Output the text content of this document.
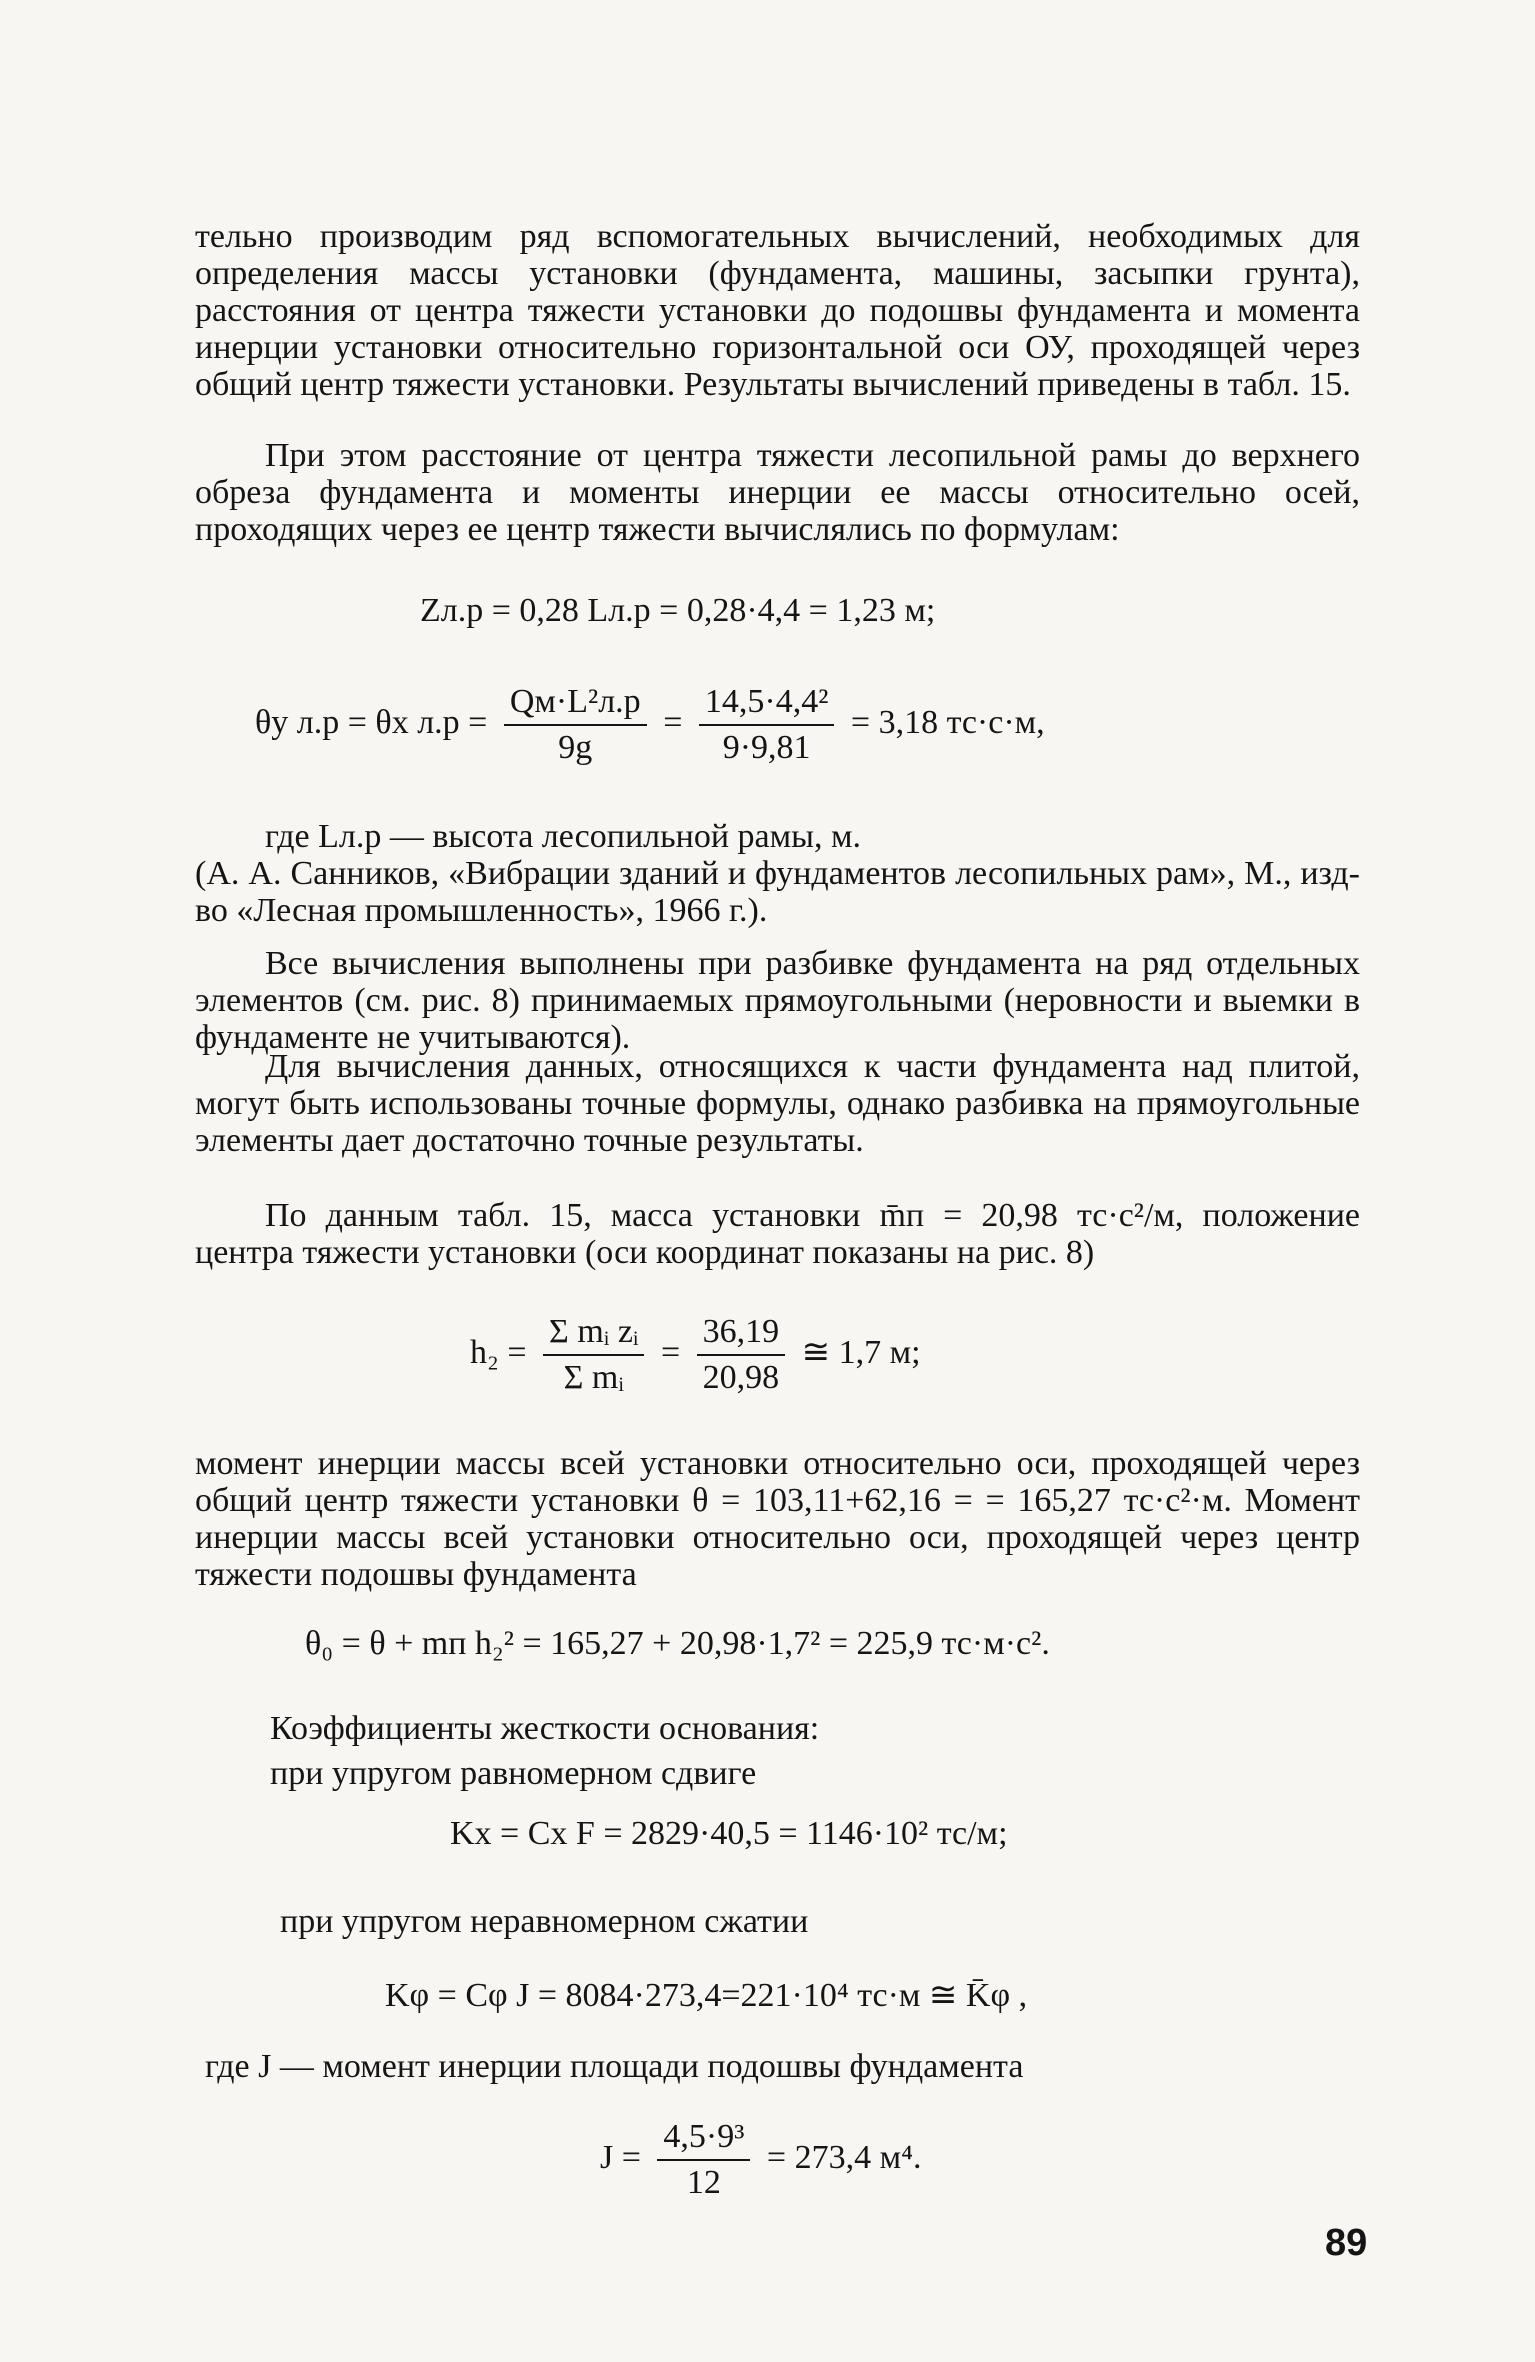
тельно производим ряд вспомогательных вычислений, необходимых для определения массы установки (фундамента, машины, засыпки грунта), расстояния от центра тяжести установки до подошвы фундамента и момента инерции установки относительно горизонтальной оси ОУ, проходящей через общий центр тяжести установки. Результаты вычислений приведены в табл. 15.

При этом расстояние от центра тяжести лесопильной рамы до верхнего обреза фундамента и моменты инерции ее массы относительно осей, проходящих через ее центр тяжести вычислялись по формулам:

Zл.р = 0,28 Lл.р = 0,28·4,4 = 1,23 м;
θy л.р = θx $л.р = \frac{\text{Qм·L²л.р}}{9g} = \frac{\text{14,5·4,4²}}{9\cdot 9,81} = 3,18$ тс·с·м,

где Lл.р — высота лесопильной рамы, м.

(А. А. Санников, «Вибрации зданий и фундаментов лесопильных рам», М., изд-во «Лесная промышленность», 1966 г.).

Все вычисления выполнены при разбивке фундамента на ряд отдельных элементов (см. рис. 8) принимаемых прямоугольными (неровности и выемки в фундаменте не учитываются).

Для вычисления данных, относящихся к части фундамента над плитой, могут быть использованы точные формулы, однако разбивка на прямоугольные элементы дает достаточно точные результаты.

По данным табл. 15, масса установки m̄п = 20,98 тс·с²/м, положение центра тяжести установки (оси координат показаны на рис. 8)

$h_2 = \frac{\text{Σ mᵢ zᵢ}}{\text{Σ mᵢ}} = \frac{36,19}{20,98}$ ≅ 1,7 м;

момент инерции массы всей установки относительно оси, проходящей через общий центр тяжести установки θ = 103,11+62,16 = = 165,27 тс·с²·м. Момент инерции массы всей установки относительно оси, проходящей через центр тяжести подошвы фундамента

θ₀ = θ + mп h₂² = 165,27 + 20,98·1,7² = 225,9 тс·м·с².
Коэффициенты жесткости основания:
при упругом равномерном сдвиге
Kx = Cx F = 2829·40,5 = 1146·10² тс/м;
при упругом неравномерном сжатии
Kφ = Cφ J = 8084·273,4=221·10⁴ тс·м ≅ K̄φ ,
где J — момент инерции площади подошвы фундамента
$J = \frac{\text{4,5·9³}}{12} = 273,4$ м⁴.
89
